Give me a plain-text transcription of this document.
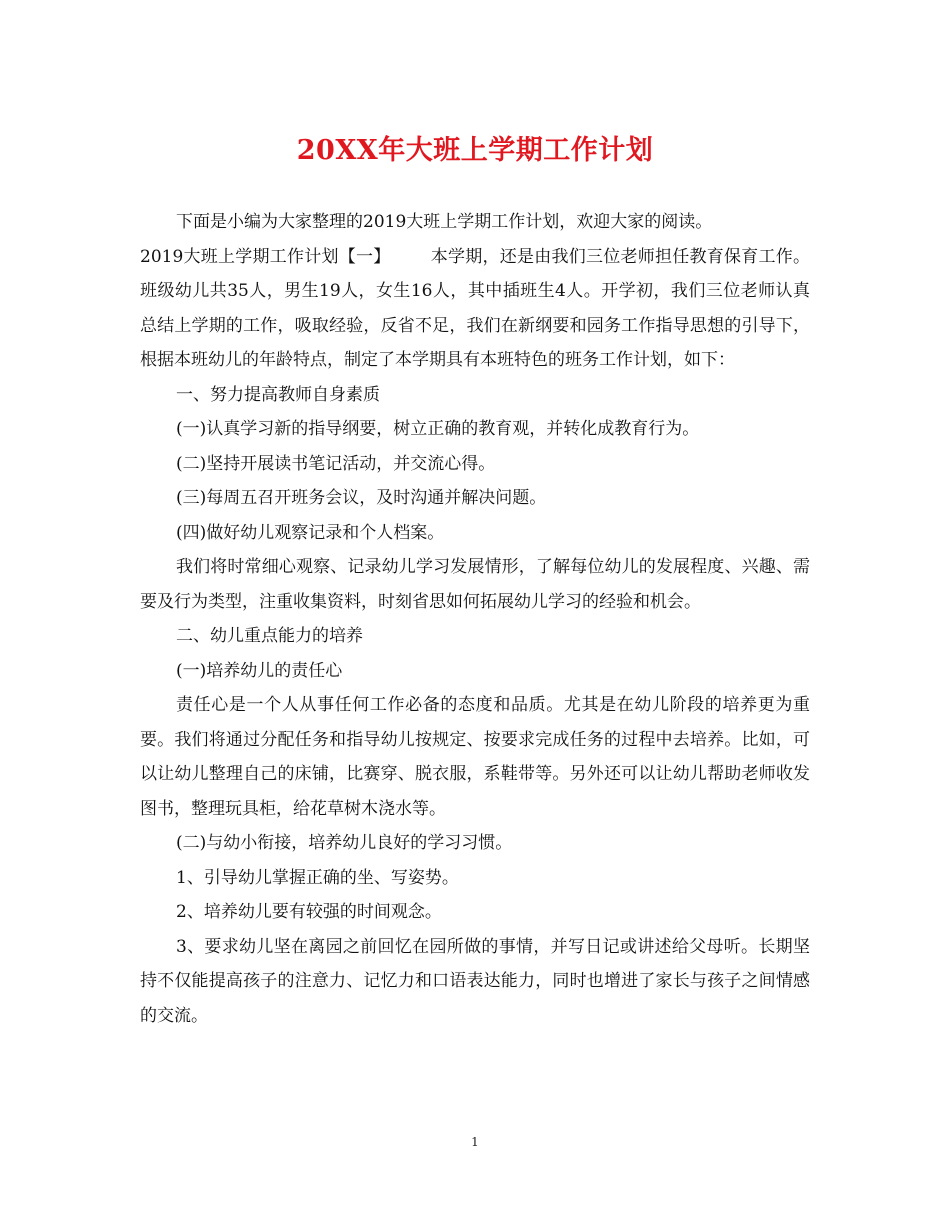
20XX年大班上学期工作计划

下面是小编为大家整理的2019大班上学期工作计划，欢迎大家的阅读。

2019大班上学期工作计划【一】 本学期，还是由我们三位老师担任教育保育工作。班级幼儿共35人，男生19人，女生16人，其中插班生4人。开学初，我们三位老师认真总结上学期的工作，吸取经验，反省不足，我们在新纲要和园务工作指导思想的引导下，根据本班幼儿的年龄特点，制定了本学期具有本班特色的班务工作计划，如下：

一、努力提高教师自身素质

(一)认真学习新的指导纲要，树立正确的教育观，并转化成教育行为。

(二)坚持开展读书笔记活动，并交流心得。

(三)每周五召开班务会议，及时沟通并解决问题。

(四)做好幼儿观察记录和个人档案。

我们将时常细心观察、记录幼儿学习发展情形，了解每位幼儿的发展程度、兴趣、需要及行为类型，注重收集资料，时刻省思如何拓展幼儿学习的经验和机会。

二、幼儿重点能力的培养

(一)培养幼儿的责任心

责任心是一个人从事任何工作必备的态度和品质。尤其是在幼儿阶段的培养更为重要。我们将通过分配任务和指导幼儿按规定、按要求完成任务的过程中去培养。比如，可以让幼儿整理自己的床铺，比赛穿、脱衣服，系鞋带等。另外还可以让幼儿帮助老师收发图书，整理玩具柜，给花草树木浇水等。

(二)与幼小衔接，培养幼儿良好的学习习惯。

1、引导幼儿掌握正确的坐、写姿势。

2、培养幼儿要有较强的时间观念。

3、要求幼儿坚在离园之前回忆在园所做的事情，并写日记或讲述给父母听。长期坚持不仅能提高孩子的注意力、记忆力和口语表达能力，同时也增进了家长与孩子之间情感的交流。

1
